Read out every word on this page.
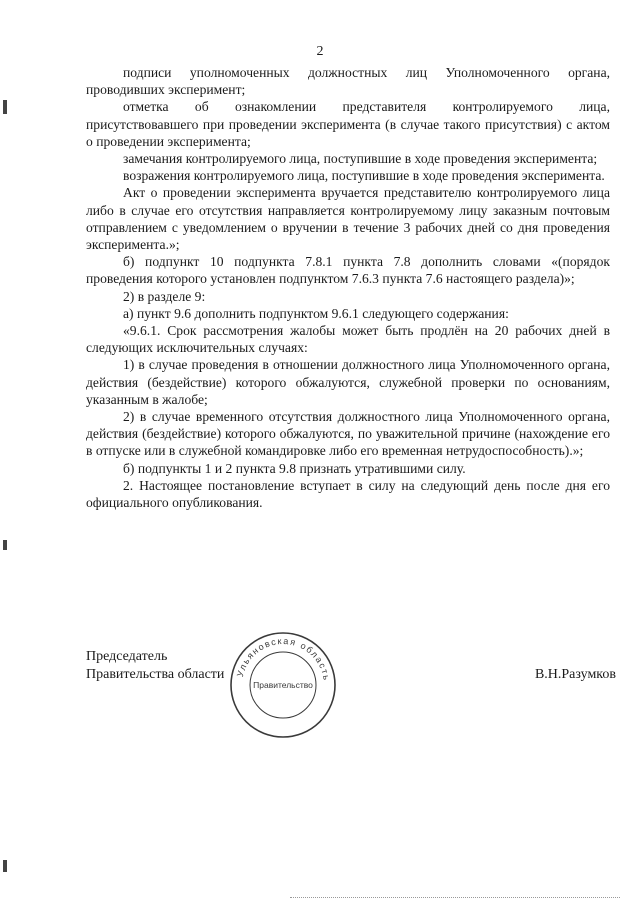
2

подписи уполномоченных должностных лиц Уполномоченного органа, проводивших эксперимент;

отметка об ознакомлении представителя контролируемого лица, присутствовавшего при проведении эксперимента (в случае такого присутствия) с актом о проведении эксперимента;

замечания контролируемого лица, поступившие в ходе проведения эксперимента;

возражения контролируемого лица, поступившие в ходе проведения эксперимента.

Акт о проведении эксперимента вручается представителю контролируемого лица либо в случае его отсутствия направляется контролируемому лицу заказным почтовым отправлением с уведомлением о вручении в течение 3 рабочих дней со дня проведения эксперимента.»;

б) подпункт 10 подпункта 7.8.1 пункта 7.8 дополнить словами «(порядок проведения которого установлен подпунктом 7.6.3 пункта 7.6 настоящего раздела)»;

2) в разделе 9:

а) пункт 9.6 дополнить подпунктом 9.6.1 следующего содержания:

«9.6.1. Срок рассмотрения жалобы может быть продлён на 20 рабочих дней в следующих исключительных случаях:

1) в случае проведения в отношении должностного лица Уполномоченного органа, действия (бездействие) которого обжалуются, служебной проверки по основаниям, указанным в жалобе;

2) в случае временного отсутствия должностного лица Уполномоченного органа, действия (бездействие) которого обжалуются, по уважительной причине (нахождение его в отпуске или в служебной командировке либо его временная нетрудоспособность).»;

б) подпункты 1 и 2 пункта 9.8 признать утратившими силу.

2. Настоящее постановление вступает в силу на следующий день после дня его официального опубликования.

Председатель
Правительства области Ульяновская область
Правительство
В.Н.Разумков
